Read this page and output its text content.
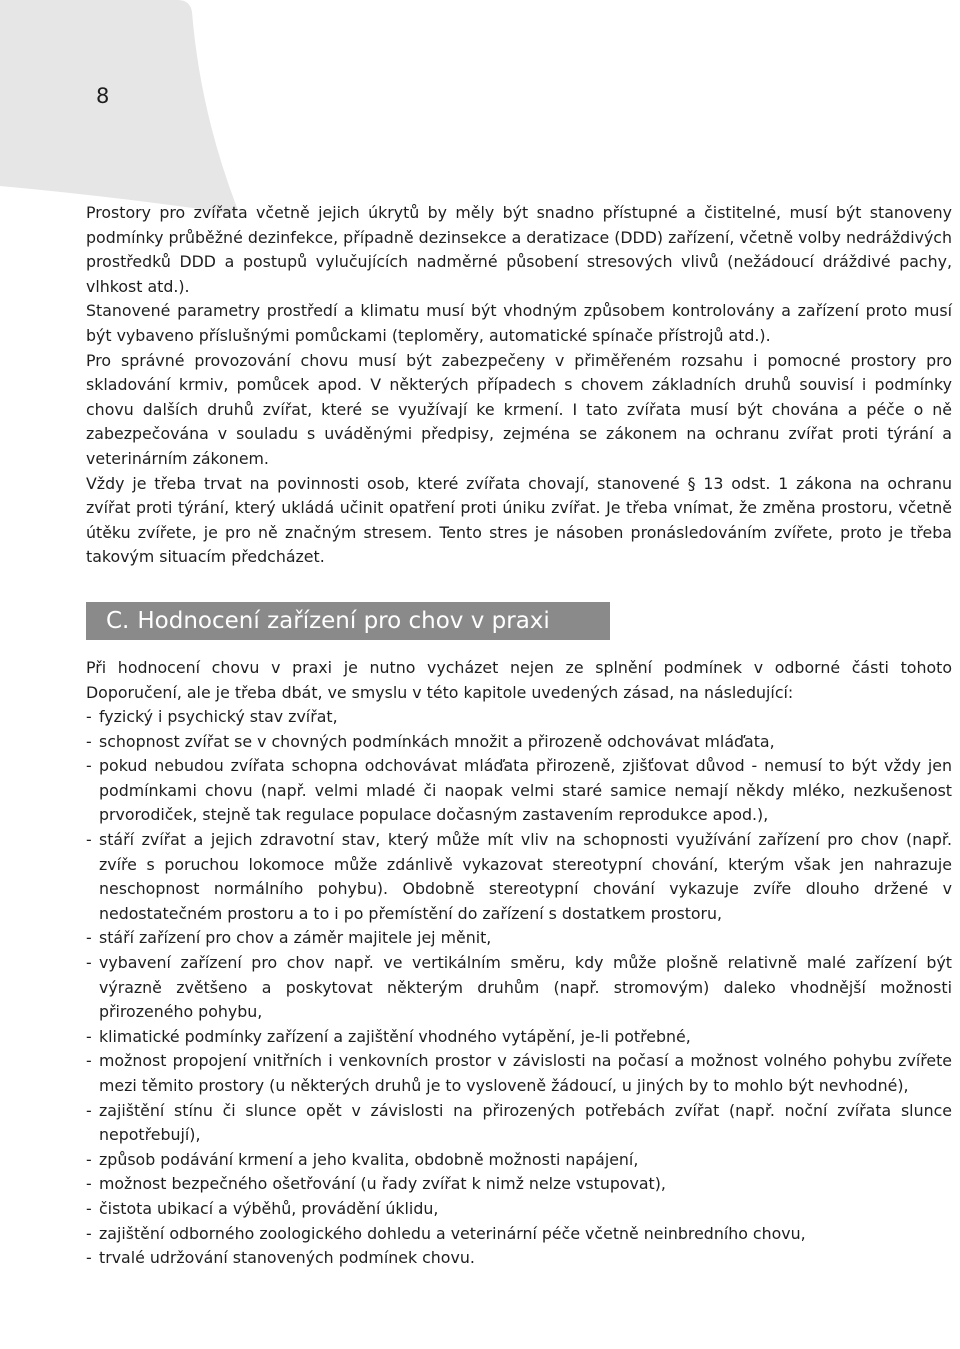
8

Prostory pro zvířata včetně jejich úkrytů by měly být snadno přístupné a čistitelné, musí být stanoveny podmínky průběžné dezinfekce, případně dezinsekce a deratizace (DDD) zařízení, včetně volby nedráždivých prostředků DDD a postupů vylučujících nadměrné působení stresových vlivů (nežádoucí dráždivé pachy, vlhkost atd.).

Stanovené parametry prostředí a klimatu musí být vhodným způsobem kontrolovány a zařízení proto musí být vybaveno příslušnými pomůckami (teploměry, automatické spínače přístrojů atd.).

Pro správné provozování chovu musí být zabezpečeny v přiměřeném rozsahu i pomocné prostory pro skladování krmiv, pomůcek apod. V některých případech s chovem základních druhů souvisí i podmínky chovu dalších druhů zvířat, které se využívají ke krmení. I tato zvířata musí být chována a péče o ně zabezpečována v souladu s uváděnými předpisy, zejména se zákonem na ochranu zvířat proti týrání a veterinárním zákonem.

Vždy je třeba trvat na povinnosti osob, které zvířata chovají, stanovené § 13 odst. 1 zákona na ochranu zvířat proti týrání, který ukládá učinit opatření proti úniku zvířat. Je třeba vnímat, že změna prostoru, včetně útěku zvířete, je pro ně značným stresem. Tento stres je násoben pronásledováním zvířete, proto je třeba takovým situacím předcházet.

C. Hodnocení zařízení pro chov v praxi

Při hodnocení chovu v praxi je nutno vycházet nejen ze splnění podmínek v odborné části tohoto Doporučení, ale je třeba dbát, ve smyslu v této kapitole uvedených zásad, na následující:

- fyzický i psychický stav zvířat,
- schopnost zvířat se v chovných podmínkách množit a přirozeně odchovávat mláďata,
- pokud nebudou zvířata schopna odchovávat mláďata přirozeně, zjišťovat důvod - nemusí to být vždy jen podmínkami chovu (např. velmi mladé či naopak velmi staré samice nemají někdy mléko, nezkušenost prvorodiček, stejně tak regulace populace dočasným zastavením reprodukce apod.),
- stáří zvířat a jejich zdravotní stav, který může mít vliv na schopnosti využívání zařízení pro chov (např. zvíře s poruchou lokomoce může zdánlivě vykazovat stereotypní chování, kterým však jen nahrazuje neschopnost normálního pohybu). Obdobně stereotypní chování vykazuje zvíře dlouho držené v nedostatečném prostoru a to i po přemístění do zařízení s dostatkem prostoru,
- stáří zařízení pro chov a záměr majitele jej měnit,
- vybavení zařízení pro chov např. ve vertikálním směru, kdy může plošně relativně malé zařízení být výrazně zvětšeno a poskytovat některým druhům (např. stromovým) daleko vhodnější možnosti přirozeného pohybu,
- klimatické podmínky zařízení a zajištění vhodného vytápění, je-li potřebné,
- možnost propojení vnitřních i venkovních prostor v závislosti na počasí a možnost volného pohybu zvířete mezi těmito prostory (u některých druhů je to vysloveně žádoucí, u jiných by to mohlo být nevhodné),
- zajištění stínu či slunce opět v závislosti na přirozených potřebách zvířat (např. noční zvířata slunce nepotřebují),
- způsob podávání krmení a jeho kvalita, obdobně možnosti napájení,
- možnost bezpečného ošetřování (u řady zvířat k nimž nelze vstupovat),
- čistota ubikací a výběhů, provádění úklidu,
- zajištění odborného zoologického dohledu a veterinární péče včetně neinbredního chovu,
- trvalé udržování stanovených podmínek chovu.
